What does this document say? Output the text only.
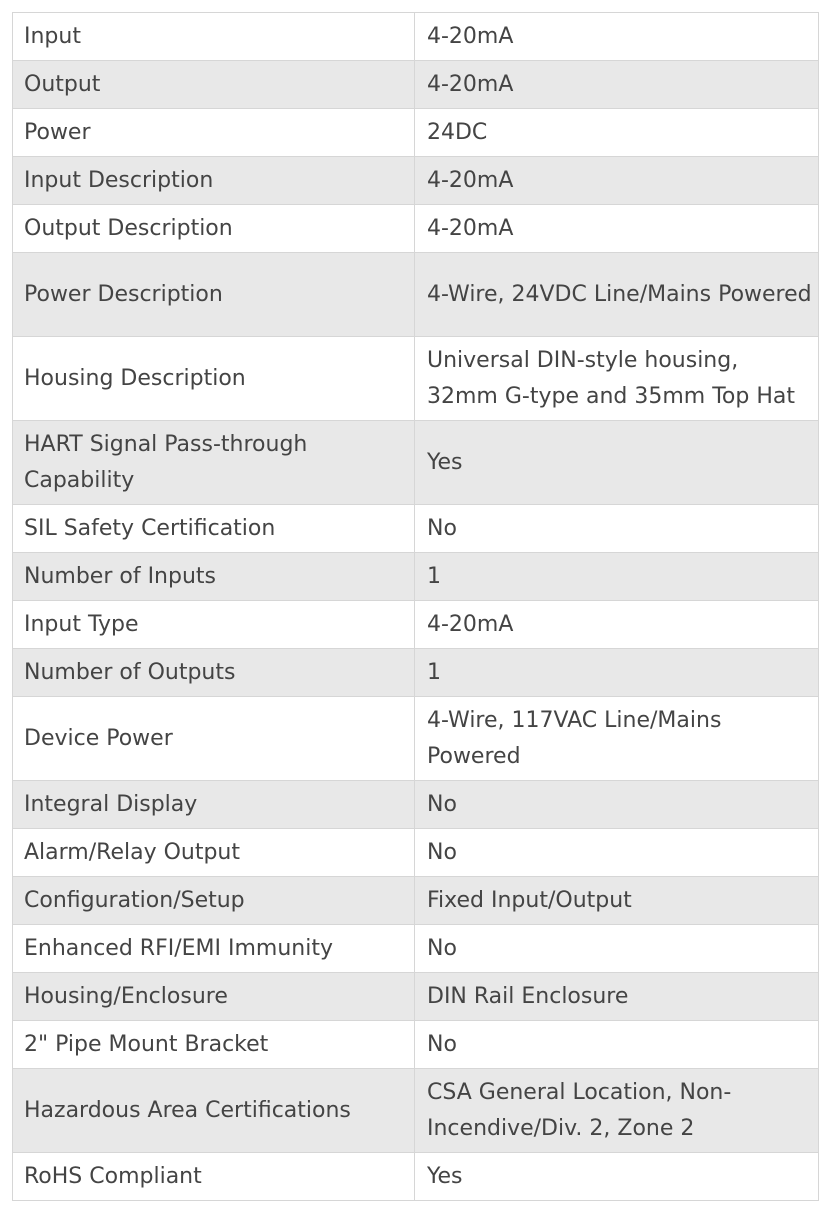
Input	4-20mA
Output	4-20mA
Power	24DC
Input Description	4-20mA
Output Description	4-20mA
Power Description	4-Wire, 24VDC Line/Mains Powered
Housing Description	Universal DIN-style housing, 32mm G-type and 35mm Top Hat
HART Signal Pass-through Capability	Yes
SIL Safety Certification	No
Number of Inputs	1
Input Type	4-20mA
Number of Outputs	1
Device Power	4-Wire, 117VAC Line/Mains Powered
Integral Display	No
Alarm/Relay Output	No
Configuration/Setup	Fixed Input/Output
Enhanced RFI/EMI Immunity	No
Housing/Enclosure	DIN Rail Enclosure
2" Pipe Mount Bracket	No
Hazardous Area Certifications	CSA General Location, Non-Incendive/Div. 2, Zone 2
RoHS Compliant	Yes
